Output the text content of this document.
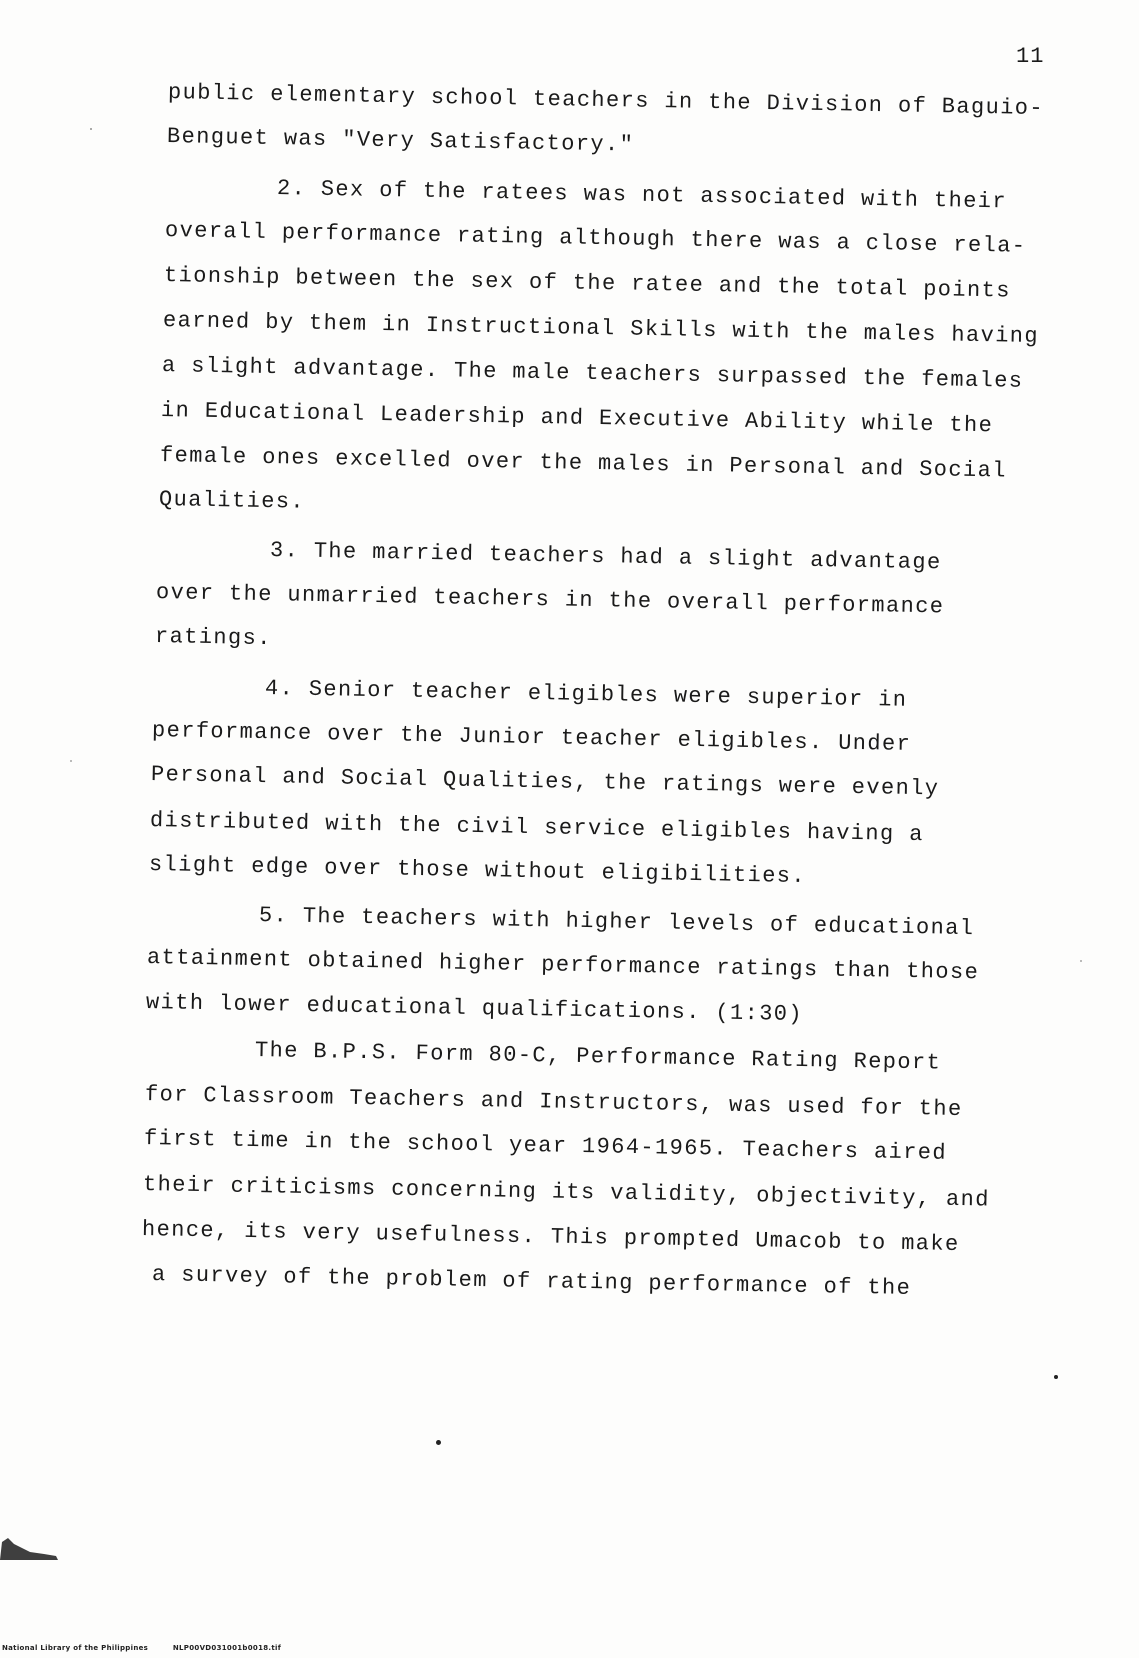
11
public elementary school teachers in the Division of Baguio-
Benguet was "Very Satisfactory."
2. Sex of the ratees was not associated with their
overall performance rating although there was a close rela-
tionship between the sex of the ratee and the total points
earned by them in Instructional Skills with the males having
a slight advantage. The male teachers surpassed the females
in Educational Leadership and Executive Ability while the
female ones excelled over the males in Personal and Social
Qualities.
3. The married teachers had a slight advantage
over the unmarried teachers in the overall performance
ratings.
4. Senior teacher eligibles were superior in
performance over the Junior teacher eligibles. Under
Personal and Social Qualities, the ratings were evenly
distributed with the civil service eligibles having a
slight edge over those without eligibilities.
5. The teachers with higher levels of educational
attainment obtained higher performance ratings than those
with lower educational qualifications. (1:30)
The B.P.S. Form 80-C, Performance Rating Report
for Classroom Teachers and Instructors, was used for the
first time in the school year 1964-1965. Teachers aired
their criticisms concerning its validity, objectivity, and
hence, its very usefulness. This prompted Umacob to make
a survey of the problem of rating performance of the
National Library of the Philippines	NLP00VD031001b0018.tif
